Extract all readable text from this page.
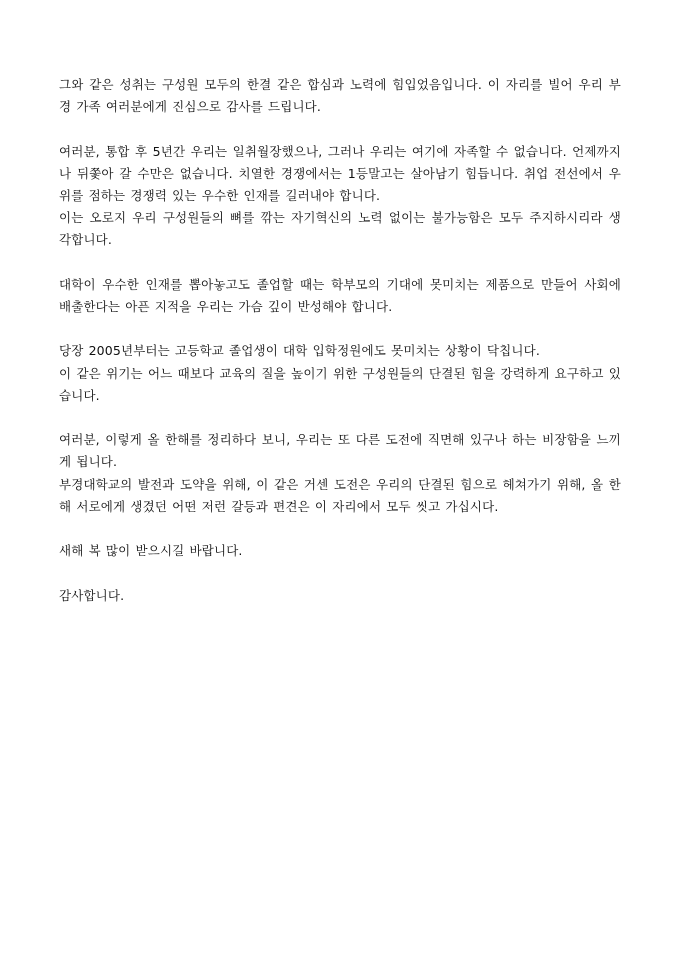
그와 같은 성취는 구성원 모두의 한결 같은 합심과 노력에 힘입었음입니다. 이 자리를 빌어 우리 부경 가족 여러분에게 진심으로 감사를 드립니다.

여러분, 통합 후 5년간 우리는 일취월장했으나, 그러나 우리는 여기에 자족할 수 없습니다. 언제까지나 뒤쫓아 갈 수만은 없습니다. 치열한 경쟁에서는 1등말고는 살아남기 힘듭니다. 취업 전선에서 우위를 점하는 경쟁력 있는 우수한 인재를 길러내야 합니다.
이는 오로지 우리 구성원들의 뼈를 깎는 자기혁신의 노력 없이는 불가능함은 모두 주지하시리라 생각합니다.

대학이 우수한 인재를 뽑아놓고도 졸업할 때는 학부모의 기대에 못미치는 제품으로 만들어 사회에 배출한다는 아픈 지적을 우리는 가슴 깊이 반성해야 합니다.

당장 2005년부터는 고등학교 졸업생이 대학 입학정원에도 못미치는 상황이 닥칩니다.
이 같은 위기는 어느 때보다 교육의 질을 높이기 위한 구성원들의 단결된 힘을 강력하게 요구하고 있습니다.

여러분, 이렇게 올 한해를 정리하다 보니, 우리는 또 다른 도전에 직면해 있구나 하는 비장함을 느끼게 됩니다.
부경대학교의 발전과 도약을 위해, 이 같은 거센 도전은 우리의 단결된 힘으로 헤쳐가기 위해, 올 한해 서로에게 생겼던 어떤 저런 갈등과 편견은 이 자리에서 모두 씻고 가십시다.

새해 복 많이 받으시길 바랍니다.

감사합니다.
